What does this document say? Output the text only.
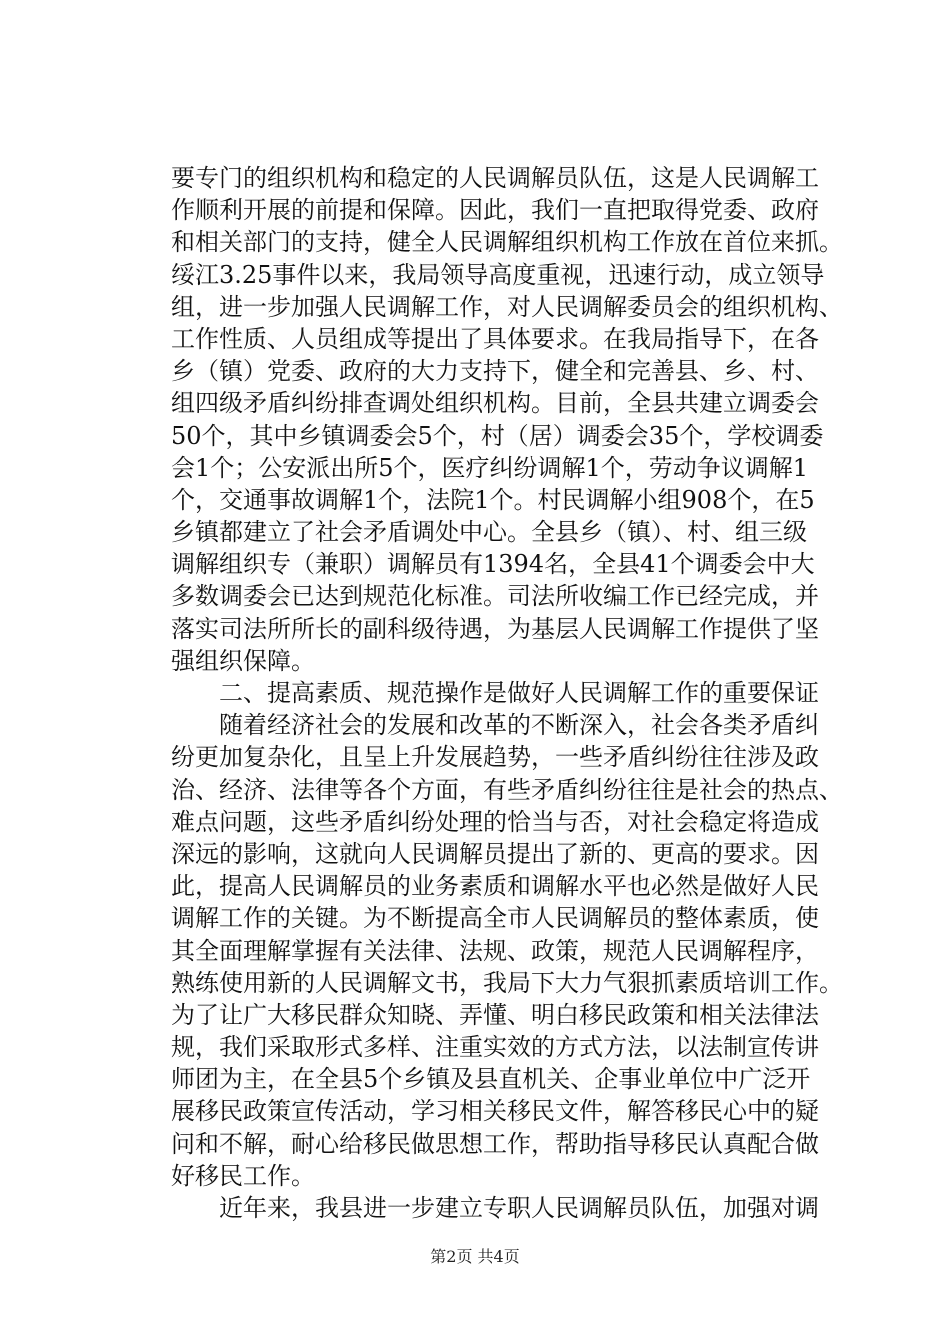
要专门的组织机构和稳定的人民调解员队伍，这是人民调解工
作顺利开展的前提和保障。因此，我们一直把取得党委、政府
和相关部门的支持，健全人民调解组织机构工作放在首位来抓。
绥江3.25事件以来，我局领导高度重视，迅速行动，成立领导
组，进一步加强人民调解工作，对人民调解委员会的组织机构、
工作性质、人员组成等提出了具体要求。在我局指导下，在各
乡（镇）党委、政府的大力支持下，健全和完善县、乡、村、
组四级矛盾纠纷排查调处组织机构。目前，全县共建立调委会
50个，其中乡镇调委会5个，村（居）调委会35个，学校调委
会1个；公安派出所5个，医疗纠纷调解1个，劳动争议调解1
个，交通事故调解1个，法院1个。村民调解小组908个，在5
乡镇都建立了社会矛盾调处中心。全县乡（镇）、村、组三级
调解组织专（兼职）调解员有1394名，全县41个调委会中大
多数调委会已达到规范化标准。司法所收编工作已经完成，并
落实司法所所长的副科级待遇，为基层人民调解工作提供了坚
强组织保障。
　　二、提高素质、规范操作是做好人民调解工作的重要保证
　　随着经济社会的发展和改革的不断深入，社会各类矛盾纠
纷更加复杂化，且呈上升发展趋势，一些矛盾纠纷往往涉及政
治、经济、法律等各个方面，有些矛盾纠纷往往是社会的热点、
难点问题，这些矛盾纠纷处理的恰当与否，对社会稳定将造成
深远的影响，这就向人民调解员提出了新的、更高的要求。因
此，提高人民调解员的业务素质和调解水平也必然是做好人民
调解工作的关键。为不断提高全市人民调解员的整体素质，使
其全面理解掌握有关法律、法规、政策，规范人民调解程序，
熟练使用新的人民调解文书，我局下大力气狠抓素质培训工作。
为了让广大移民群众知晓、弄懂、明白移民政策和相关法律法
规，我们采取形式多样、注重实效的方式方法，以法制宣传讲
师团为主，在全县5个乡镇及县直机关、企事业单位中广泛开
展移民政策宣传活动，学习相关移民文件，解答移民心中的疑
问和不解，耐心给移民做思想工作，帮助指导移民认真配合做
好移民工作。
　　近年来，我县进一步建立专职人民调解员队伍，加强对调
第2页 共4页
